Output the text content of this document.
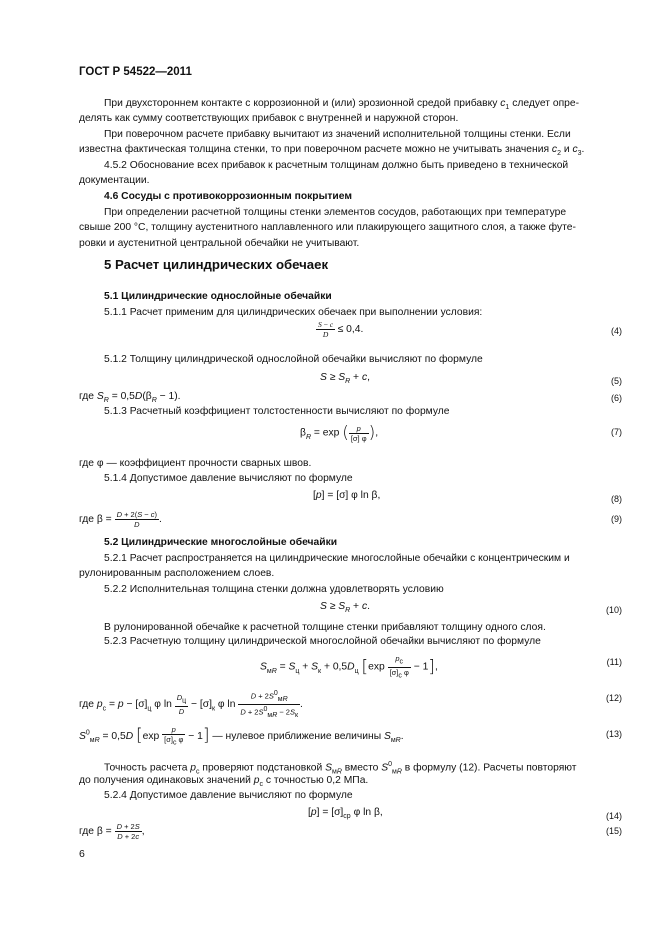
ГОСТ Р 54522—2011
При двухстороннем контакте с коррозионной и (или) эрозионной средой прибавку $c_1$ следует опре-
делять как сумму соответствующих прибавок с внутренней и наружной сторон.
При поверочном расчете прибавку вычитают из значений исполнительной толщины стенки. Если
известна фактическая толщина стенки, то при поверочном расчете можно не учитывать значения $c_2$ и $c_3$.
4.5.2 Обоснование всех прибавок к расчетным толщинам должно быть приведено в технической
документации.
4.6 Сосуды с противокоррозионным покрытием
При определении расчетной толщины стенки элементов сосудов, работающих при температуре
свыше 200 °С, толщину аустенитного наплавленного или плакирующего защитного слоя, а также футе-
ровки и аустенитной центральной обечайки не учитывают.
5 Расчет цилиндрических обечаек
5.1 Цилиндрические однослойные обечайки
5.1.1 Расчет применим для цилиндрических обечаек при выполнении условия:
$\frac{S - c}{D} \le 0,4$.	(4)
5.1.2 Толщину цилиндрической однослойной обечайки вычисляют по формуле
$S \ge S_R + c$,	(5)
где $S_R = 0,5D(\beta_R - 1)$.	(6)
5.1.3 Расчетный коэффициент толстостенности вычисляют по формуле
$\beta_R = \exp$ ( $\frac{p}{[\sigma] \varphi}$ ),	(7)
где φ — коэффициент прочности сварных швов.
5.1.4 Допустимое давление вычисляют по формуле
[p] = [σ] φ ln β,	(8)
где $\beta = \frac{D + 2(S - c)}{D}$ .	(9)
5.2 Цилиндрические многослойные обечайки
5.2.1 Расчет распространяется на цилиндрические многослойные обечайки с концентрическим и
рулонированным расположением слоев.
5.2.2 Исполнительная толщина стенки должна удовлетворять условию
$S \ge S_R + c$.	(10)
В рулонированной обечайке к расчетной толщине стенки прибавляют толщину одного слоя.
5.2.3 Расчетную толщину цилиндрической многослойной обечайки вычисляют по формуле
$S_{мR} = S_ц + S_к + 0,5D_ц$ $[\exp \frac{p_с}{[\sigma]_с \varphi} - 1]$,	(11)
где $p_с = p - [\sigma]_ц$ φ $\ln \frac{D_ц}{D} - [\sigma]_к$ φ $\ln \frac{D + 2S^0_{мR}}{D + 2S^0_{мR} - 2S_к}$ .
(12)
$S^0_{мR} = 0,5D$ $[\exp \frac{p}{[\sigma]_с \varphi} - 1]$ — нулевое приближение величины $S_{мR}$.	(13)
Точность расчета $p_с$ проверяют подстановкой $S_{мR}$ вместо $S^0_{мR}$ в формулу (12). Расчеты повторяют
до получения одинаковых значений $p_с$ с точностью 0,2 МПа.
5.2.4 Допустимое давление вычисляют по формуле
$[p] = [\sigma]_{ср}$ φ ln β,	(14)
где $\beta = \frac{D + 2S}{D + 2c}$ ,	(15)
6
